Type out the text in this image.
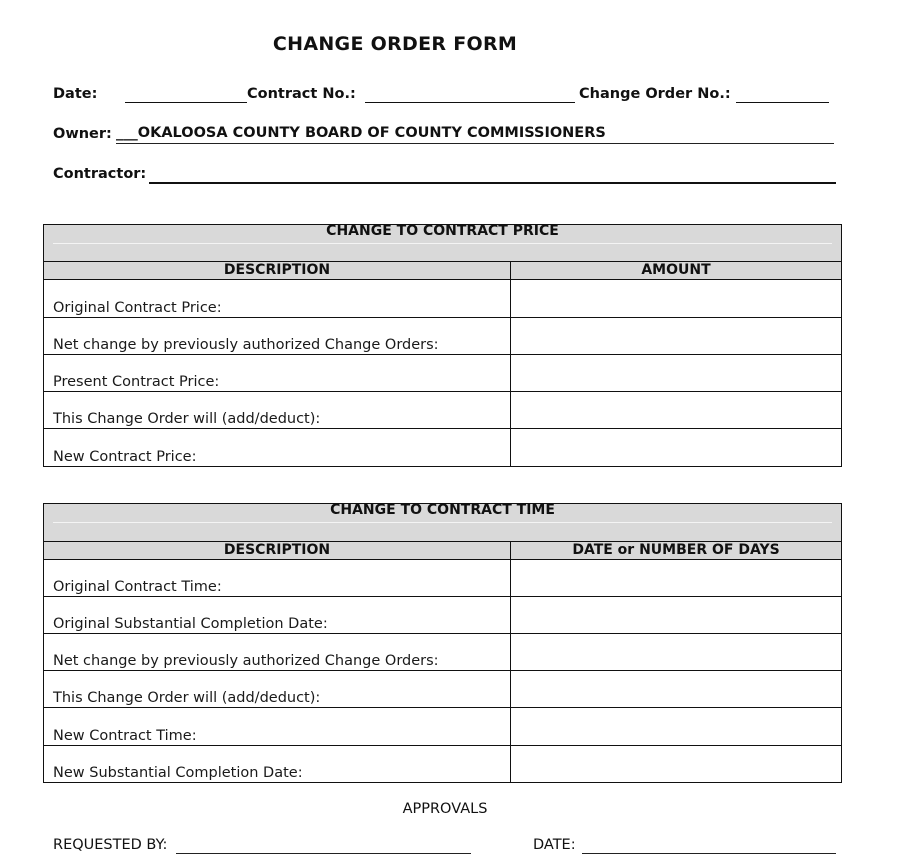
CHANGE ORDER FORM
Date:	Contract No.:	Change Order No.:
Owner: ___OKALOOSA COUNTY BOARD OF COUNTY COMMISSIONERS
Contractor:
CHANGE TO CONTRACT PRICE
DESCRIPTION	AMOUNT
Original Contract Price:
Net change by previously authorized Change Orders:
Present Contract Price:
This Change Order will (add/deduct):
New Contract Price:
CHANGE TO CONTRACT TIME
DESCRIPTION	DATE or NUMBER OF DAYS
Original Contract Time:
Original Substantial Completion Date:
Net change by previously authorized Change Orders:
This Change Order will (add/deduct):
New Contract Time:
New Substantial Completion Date:
APPROVALS
REQUESTED BY:	DATE:
